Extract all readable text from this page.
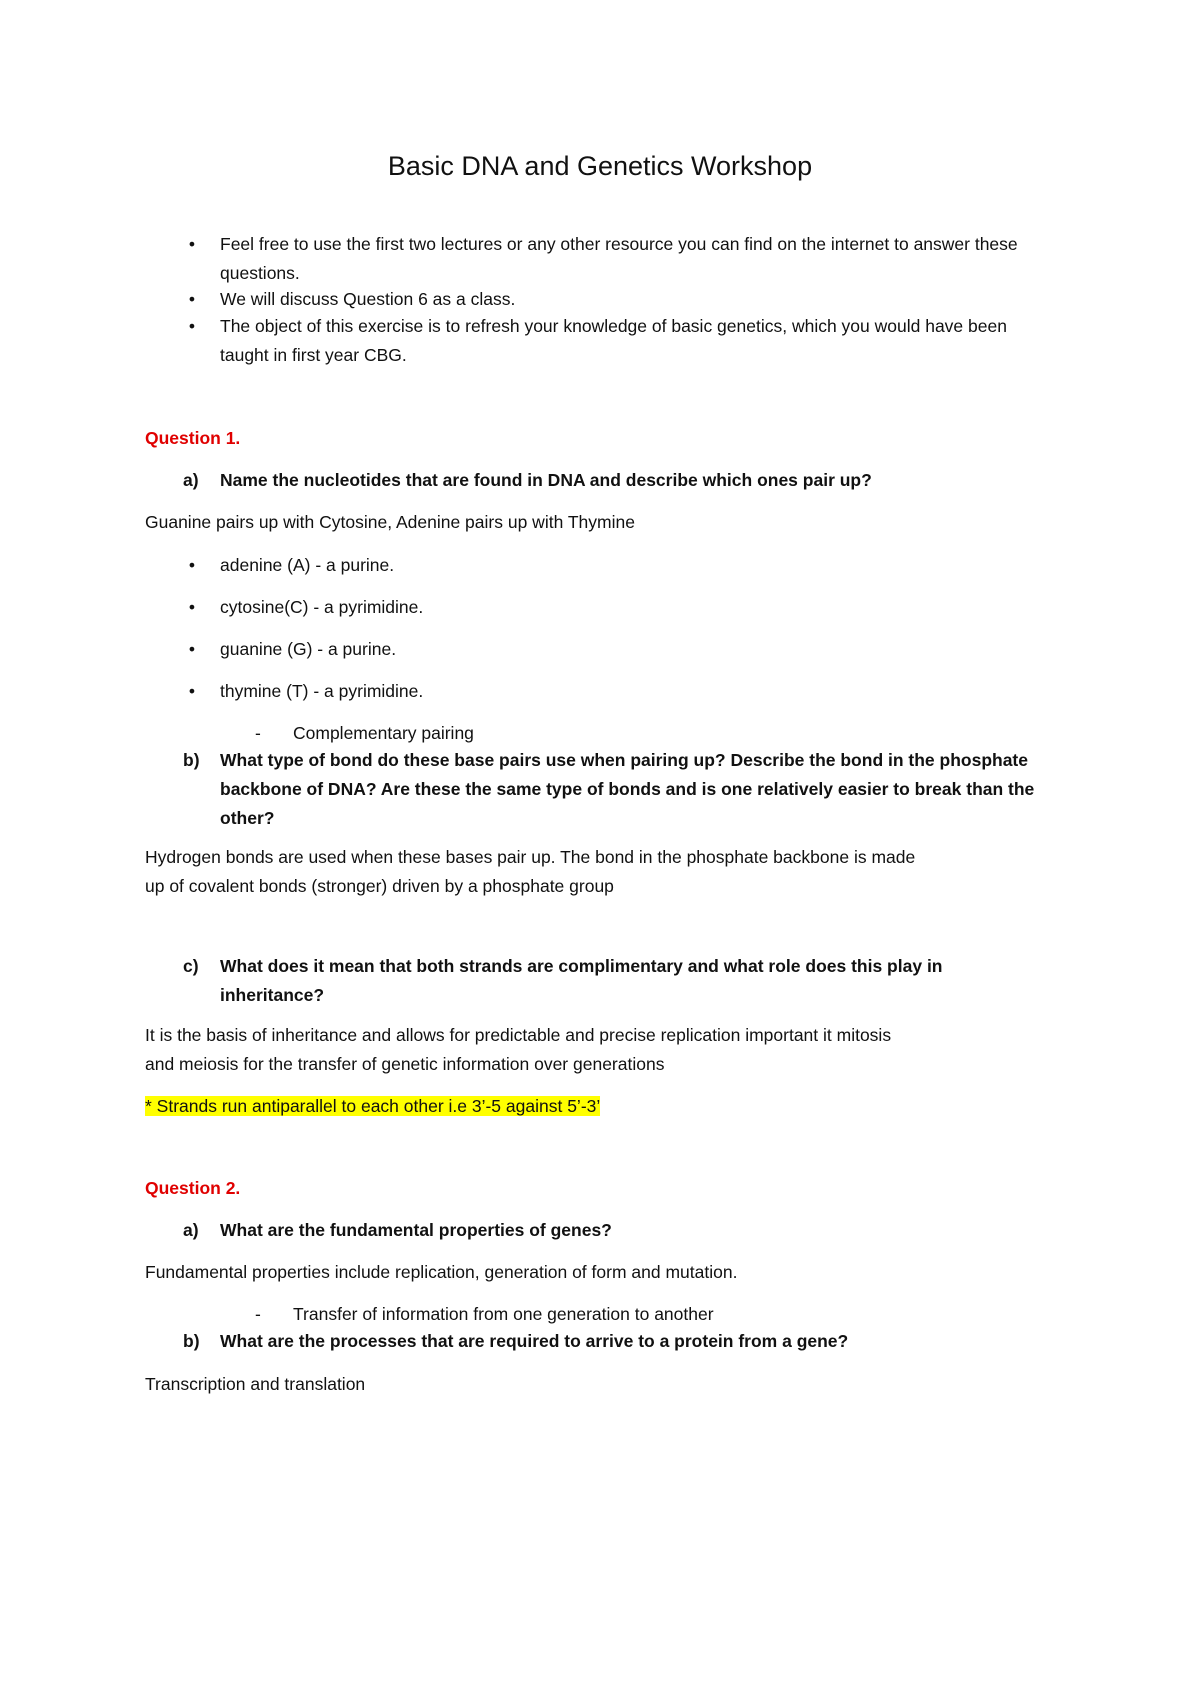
Basic DNA and Genetics Workshop
• Feel free to use the first two lectures or any other resource you can find on the internet to answer these questions.
• We will discuss Question 6 as a class.
• The object of this exercise is to refresh your knowledge of basic genetics, which you would have been taught in first year CBG.
Question 1.
a) Name the nucleotides that are found in DNA and describe which ones pair up?
Guanine pairs up with Cytosine, Adenine pairs up with Thymine
• adenine (A) - a purine.
• cytosine(C) - a pyrimidine.
• guanine (G) - a purine.
• thymine (T) - a pyrimidine.
- Complementary pairing
b) What type of bond do these base pairs use when pairing up? Describe the bond in the phosphate backbone of DNA? Are these the same type of bonds and is one relatively easier to break than the other?
Hydrogen bonds are used when these bases pair up. The bond in the phosphate backbone is made
up of covalent bonds (stronger) driven by a phosphate group
c) What does it mean that both strands are complimentary and what role does this play in inheritance?
It is the basis of inheritance and allows for predictable and precise replication important it mitosis
and meiosis for the transfer of genetic information over generations
* Strands run antiparallel to each other i.e 3’-5 against 5’-3’
Question 2.
a) What are the fundamental properties of genes?
Fundamental properties include replication, generation of form and mutation.
- Transfer of information from one generation to another
b) What are the processes that are required to arrive to a protein from a gene?
Transcription and translation
